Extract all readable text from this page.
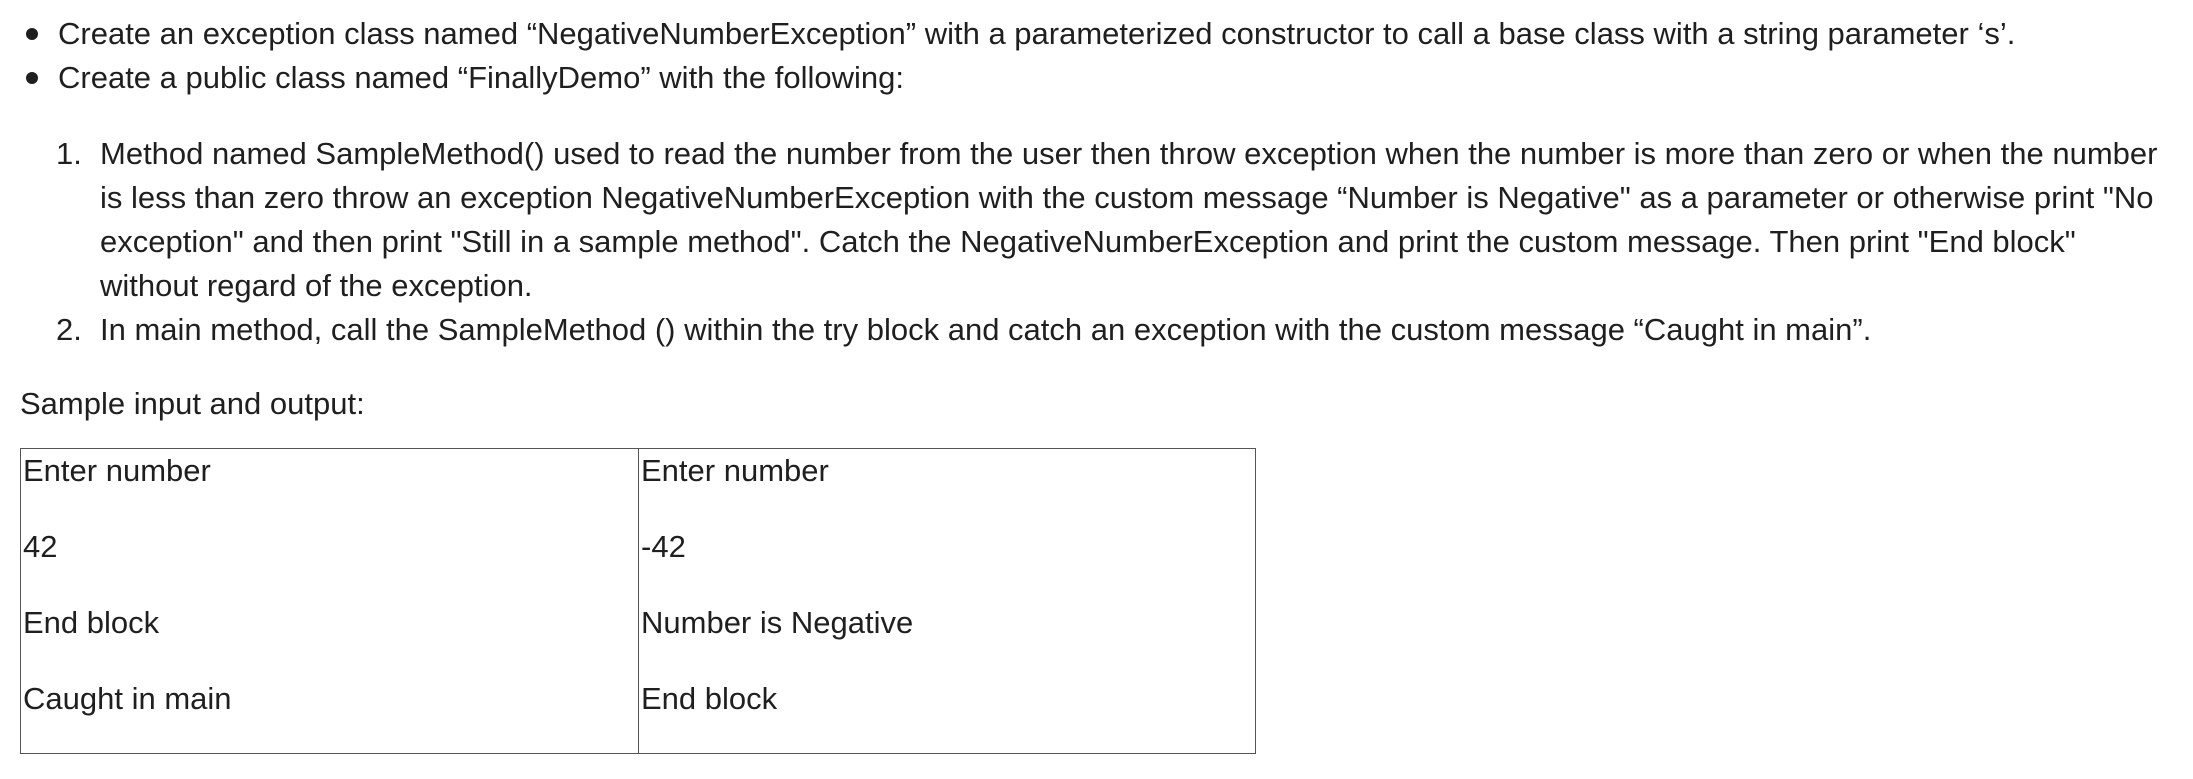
Create an exception class named “NegativeNumberException” with a parameterized constructor to call a base class with a string parameter ‘s’.
Create a public class named “FinallyDemo” with the following:
1. Method named SampleMethod() used to read the number from the user then throw exception when the number is more than zero or when the number is less than zero throw an exception NegativeNumberException with the custom message “Number is Negative" as a parameter or otherwise print "No exception" and then print "Still in a sample method". Catch the NegativeNumberException and print the custom message. Then print "End block" without regard of the exception.
2. In main method, call the SampleMethod () within the try block and catch an exception with the custom message “Caught in main”.
Sample input and output:
Enter number
42
End block
Caught in main

Enter number
-42
Number is Negative
End block
